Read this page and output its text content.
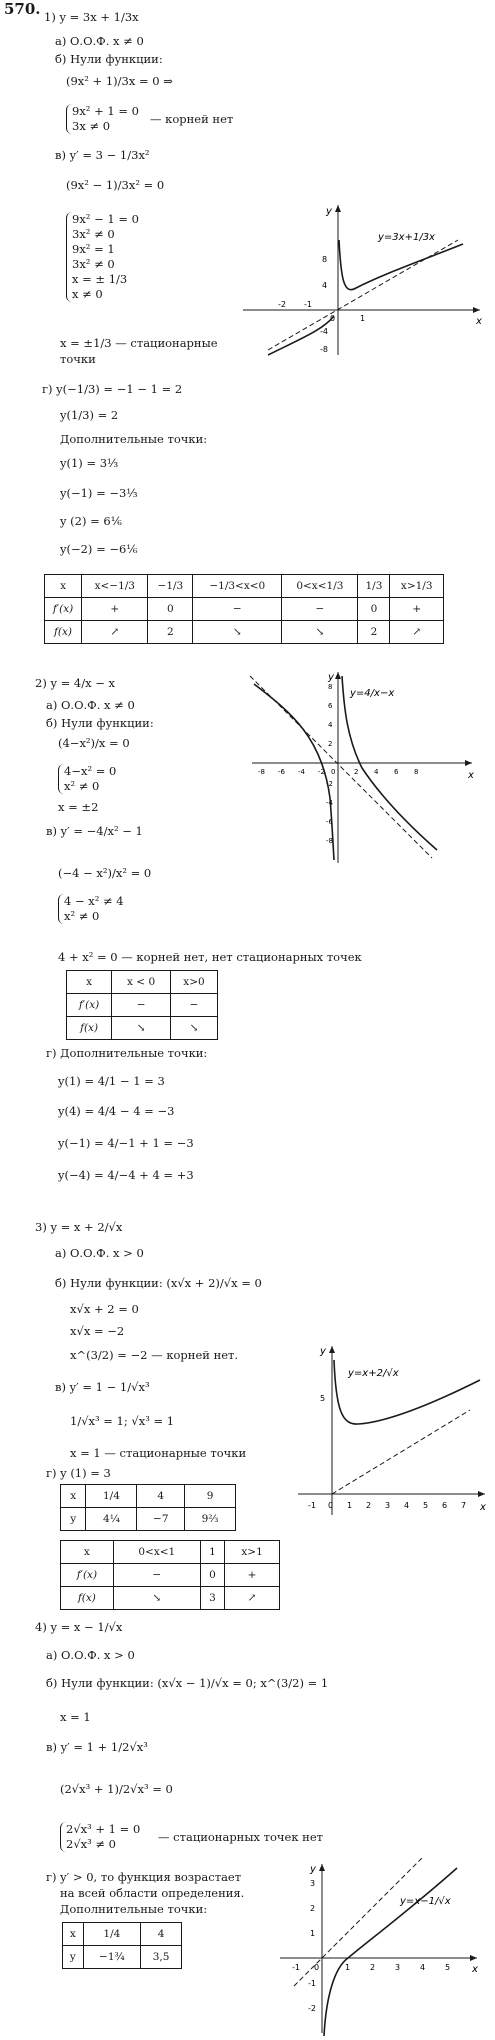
570. 1) y = 3x + 1/3x
а) О.О.Ф. x ≠ 0
б) Нули функции:
(9x² + 1)/3x = 0 ⇒
9x² + 1 = 0
3x ≠ 0	— корней нет
в) y′ = 3 − 1/3x²
(9x² − 1)/3x² = 0
9x² − 1 = 0
3x² ≠ 0
9x² = 1
3x² ≠ 0
x = ± 1/3
x ≠ 0
x = ±1/3 — стационарные
точки
г) y(−1/3) = −1 − 1 = 2
y(1/3) = 2
Дополнительные точки:
y(1) = 3⅓
y(−1) = −3⅓
y (2) = 6⅙
y(−2) = −6⅙
x	x<−1/3	−1/3	−1/3<x<0	0<x<1/3	1/3	x>1/3
f′(x)	+	0	−	−	0	+
f(x)	↗	2	↘	↘	2	↗
x
y
8
4
-4
-8
-2 -1
0	1
y=3x+1/3x
2) y = 4/x − x
а) О.О.Ф. x ≠ 0
б) Нули функции:
(4−x²)/x = 0
4−x² = 0
x² ≠ 0
x = ±2
в) y′ = −4/x² − 1
(−4 − x²)/x² = 0
4 − x² ≠ 4
x² ≠ 0
4 + x² = 0 — корней нет, нет стационарных точек
x	x < 0	x>0
f′(x)	−	−
f(x)	↘	↘
г) Дополнительные точки:
y(1) = 4/1 − 1 = 3
y(4) = 4/4 − 4 = −3
y(−1) = 4/−1 + 1 = −3
y(−4) = 4/−4 + 4 = +3
x
y
-8 -6 -4 -2 0	2 4 6 8
8
6
4
2
-2
-4
-6
-8
y=4/x−x
3) y = x + 2/√x
а) О.О.Ф. x > 0
б) Нули функции: (x√x + 2)/√x = 0
x√x + 2 = 0
x√x = −2
x^(3/2) = −2 — корней нет.
в) y′ = 1 − 1/√x³
1/√x³ = 1; √x³ = 1
x = 1 — стационарные точки
г) y (1) = 3
x	1/4	4	9
y	4¼	−7	9⅔
x	0<x<1	1	x>1
f′(x)	−	0	+
f(x)	↘	3	↗
x
y
-1 0 1 2 3 4 5 6 7
5
y=x+2/√x
4) y = x − 1/√x
а) О.О.Ф. x > 0
б) Нули функции: (x√x − 1)/√x = 0; x^(3/2) = 1
x = 1
в) y′ = 1 + 1/2√x³
(2√x³ + 1)/2√x³ = 0
2√x³ + 1 = 0
2√x³ ≠ 0	— стационарных точек нет
г) y′ > 0, то функция возрастает
на всей области определения.
Дополнительные точки:
x	1/4	4
y	−1¾	3,5
x
y
-1 0	1 2 3 4 5
3
2
1
-1
-2
y=x−1/√x
